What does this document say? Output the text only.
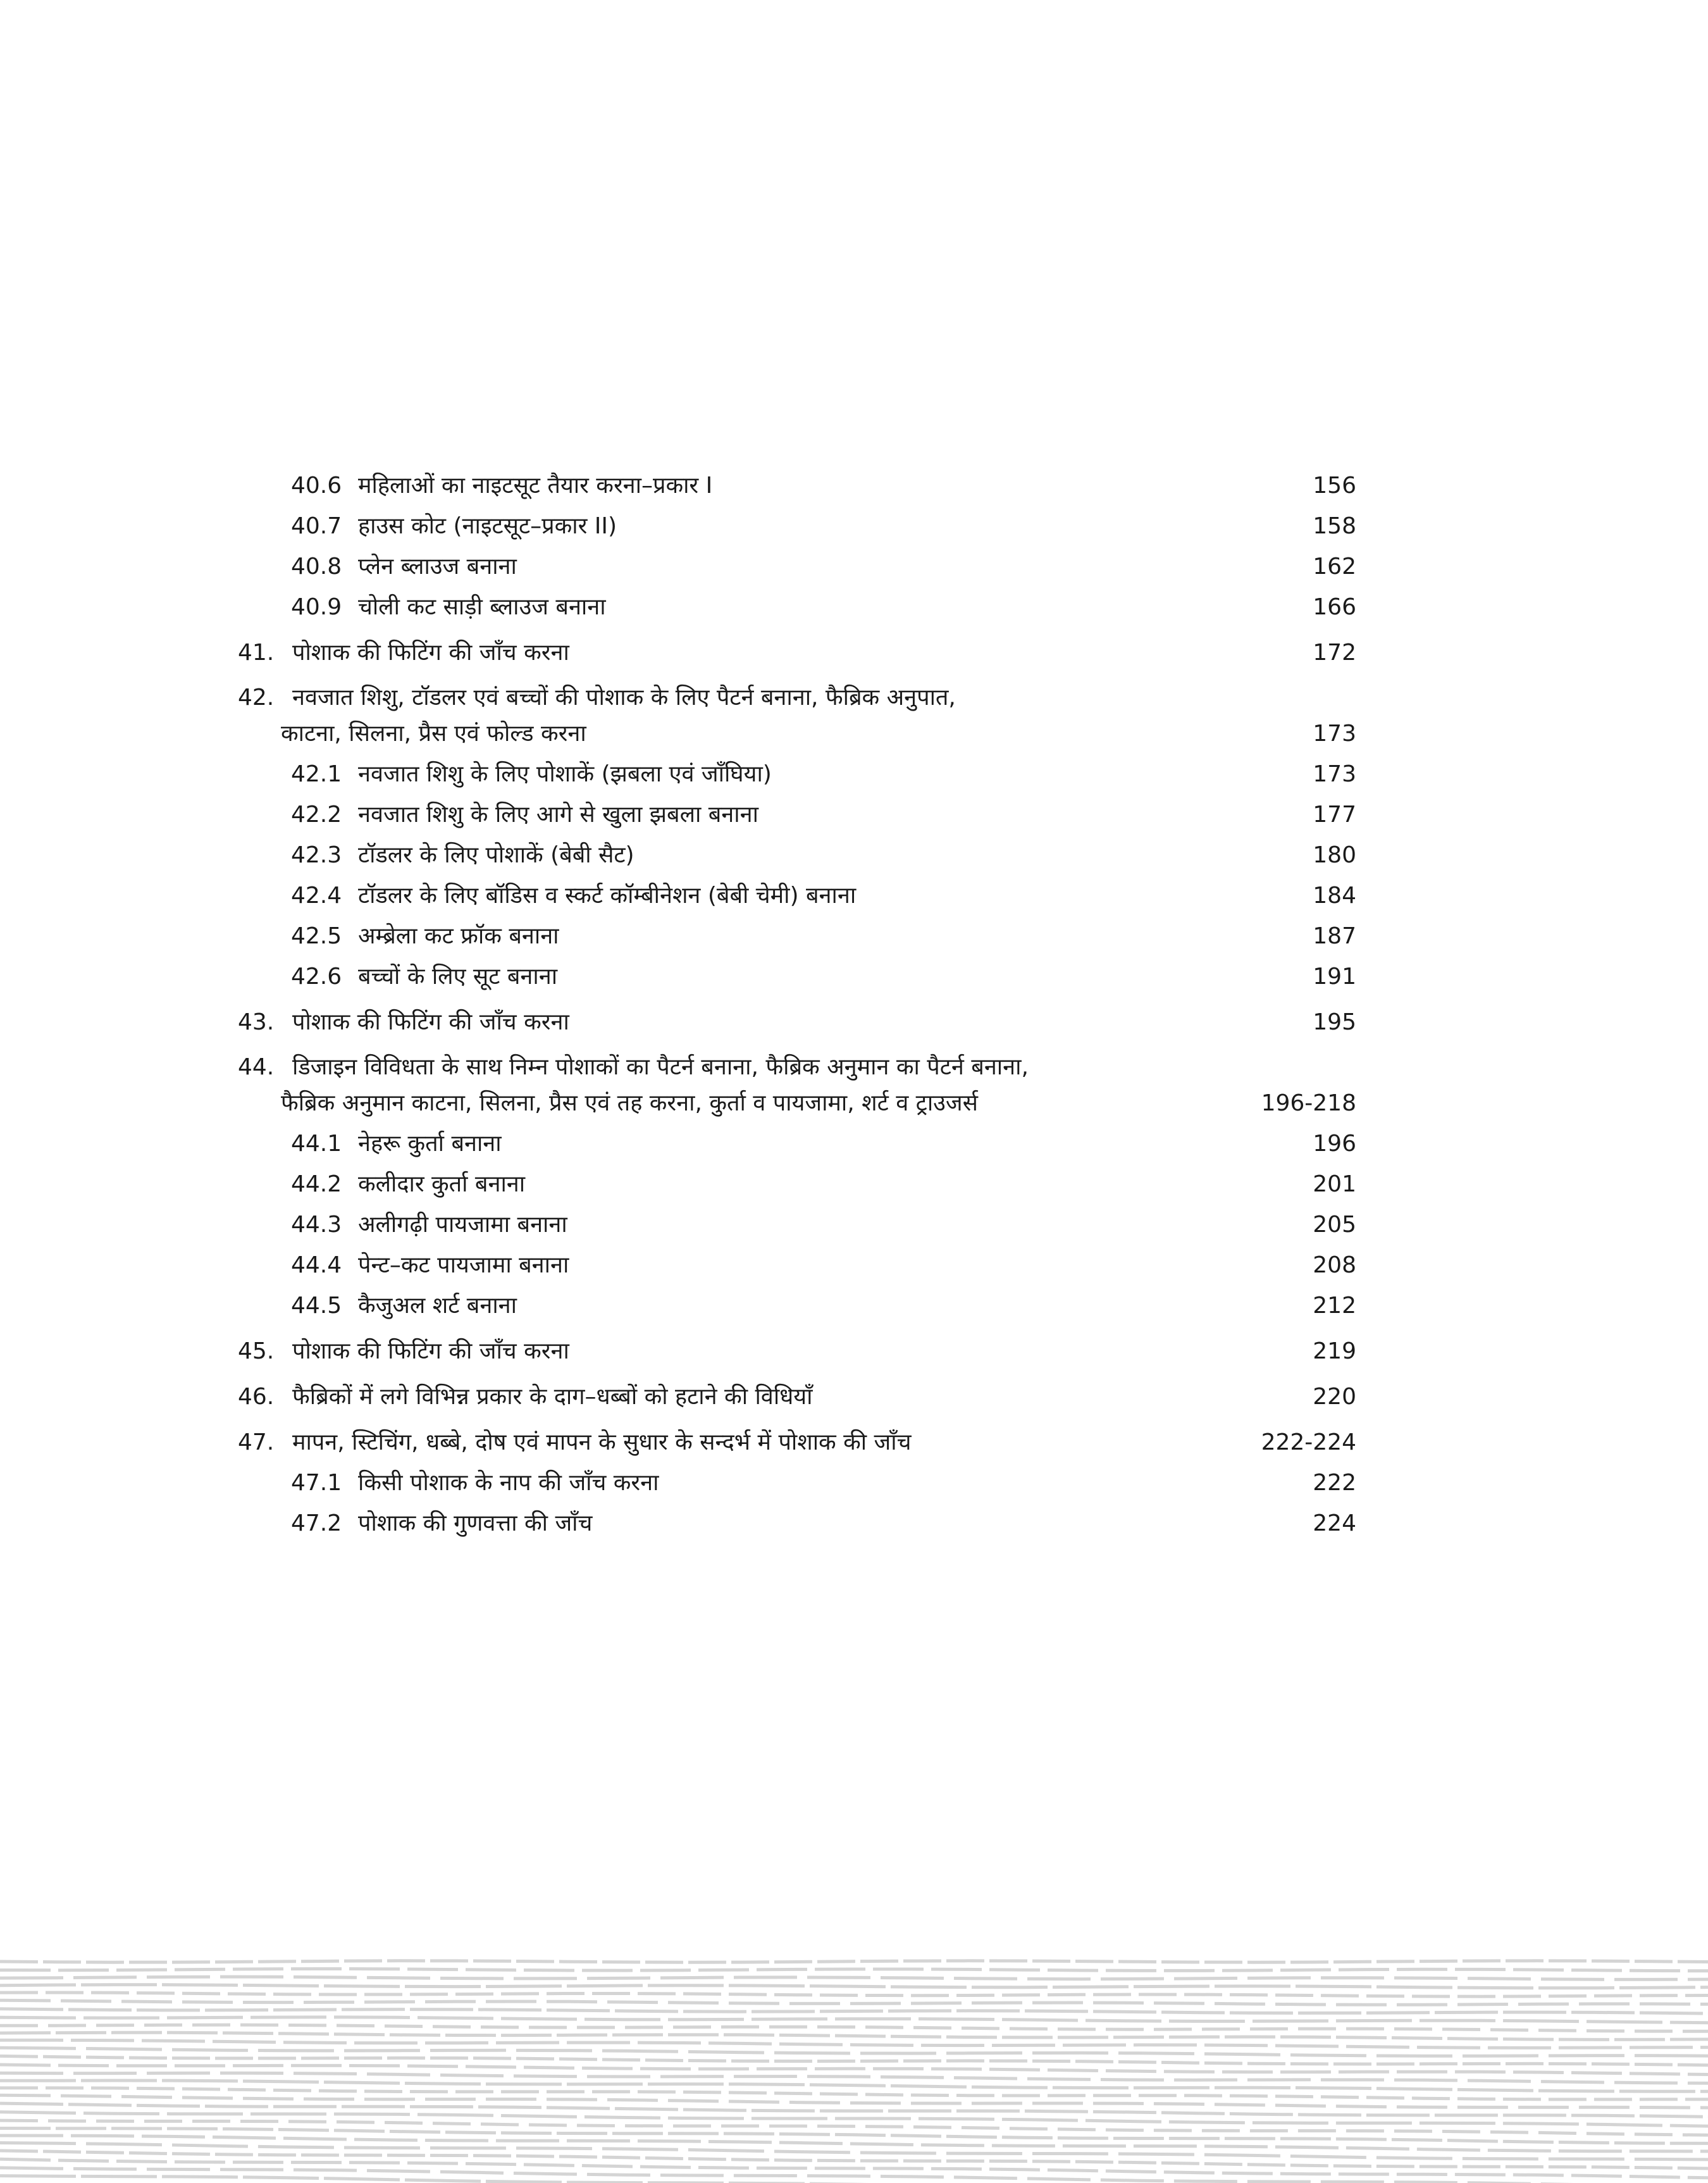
40.6 महिलाओं का नाइटसूट तैयार करना–प्रकार I	156
40.7 हाउस कोट (नाइटसूट–प्रकार II)	158
40.8 प्लेन ब्लाउज बनाना	162
40.9 चोली कट साड़ी ब्लाउज बनाना	166
41. पोशाक की फिटिंग की जाँच करना	172
42. नवजात शिशु, टॉडलर एवं बच्चों की पोशाक के लिए पैटर्न बनाना, फैब्रिक अनुपात,
काटना, सिलना, प्रैस एवं फोल्ड करना	173
42.1 नवजात शिशु के लिए पोशाकें (झबला एवं जाँघिया)	173
42.2 नवजात शिशु के लिए आगे से खुला झबला बनाना	177
42.3 टॉडलर के लिए पोशाकें (बेबी सैट)	180
42.4 टॉडलर के लिए बॉडिस व स्कर्ट कॉम्बीनेशन (बेबी चेमी) बनाना	184
42.5 अम्ब्रेला कट फ्रॉक बनाना	187
42.6 बच्चों के लिए सूट बनाना	191
43. पोशाक की फिटिंग की जाँच करना	195
44. डिजाइन विविधता के साथ निम्न पोशाकों का पैटर्न बनाना, फैब्रिक अनुमान का पैटर्न बनाना,
फैब्रिक अनुमान काटना, सिलना, प्रैस एवं तह करना, कुर्ता व पायजामा, शर्ट व ट्राउजर्स	196-218
44.1 नेहरू कुर्ता बनाना	196
44.2 कलीदार कुर्ता बनाना	201
44.3 अलीगढ़ी पायजामा बनाना	205
44.4 पेन्ट–कट पायजामा बनाना	208
44.5 कैजुअल शर्ट बनाना	212
45. पोशाक की फिटिंग की जाँच करना	219
46. फैब्रिकों में लगे विभिन्न प्रकार के दाग–धब्बों को हटाने की विधियाँ	220
47. मापन, स्टिचिंग, धब्बे, दोष एवं मापन के सुधार के सन्दर्भ में पोशाक की जाँच	222-224
47.1 किसी पोशाक के नाप की जाँच करना	222
47.2 पोशाक की गुणवत्ता की जाँच	224
